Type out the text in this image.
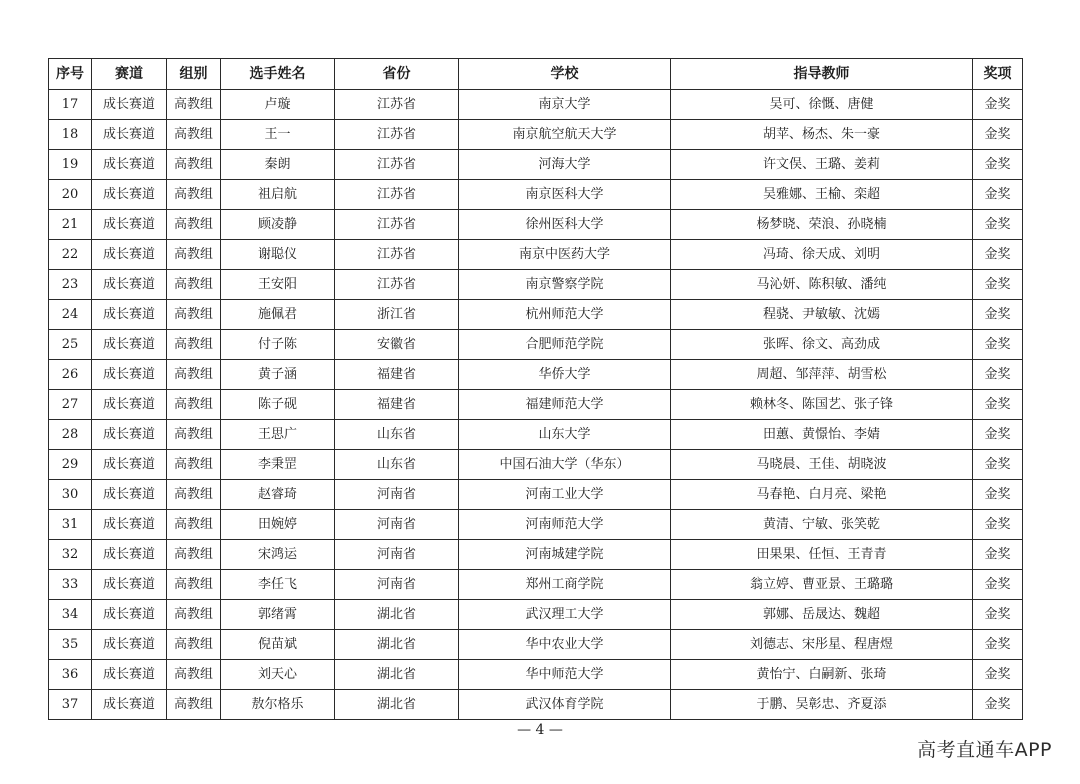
序号	赛道	组别	选手姓名	省份	学校	指导教师	奖项
17	成长赛道	高教组	卢璇	江苏省	南京大学	吴可、徐慨、唐健	金奖
18	成长赛道	高教组	王一	江苏省	南京航空航天大学	胡苹、杨杰、朱一豪	金奖
19	成长赛道	高教组	秦朗	江苏省	河海大学	许文俣、王璐、姜莉	金奖
20	成长赛道	高教组	祖启航	江苏省	南京医科大学	吴雅娜、王榆、栾超	金奖
21	成长赛道	高教组	顾凌静	江苏省	徐州医科大学	杨梦晓、荣浪、孙晓楠	金奖
22	成长赛道	高教组	谢聪仪	江苏省	南京中医药大学	冯琦、徐天成、刘明	金奖
23	成长赛道	高教组	王安阳	江苏省	南京警察学院	马沁妍、陈积敏、潘纯	金奖
24	成长赛道	高教组	施佩君	浙江省	杭州师范大学	程骁、尹敏敏、沈嫣	金奖
25	成长赛道	高教组	付子陈	安徽省	合肥师范学院	张晖、徐文、高劲成	金奖
26	成长赛道	高教组	黄子涵	福建省	华侨大学	周超、邹萍萍、胡雪松	金奖
27	成长赛道	高教组	陈子砚	福建省	福建师范大学	赖林冬、陈国艺、张子锋	金奖
28	成长赛道	高教组	王思广	山东省	山东大学	田蕙、黄憬怡、李婧	金奖
29	成长赛道	高教组	李秉罡	山东省	中国石油大学（华东）	马晓晨、王佳、胡晓波	金奖
30	成长赛道	高教组	赵睿琦	河南省	河南工业大学	马春艳、白月亮、梁艳	金奖
31	成长赛道	高教组	田婉婷	河南省	河南师范大学	黄清、宁敏、张笑乾	金奖
32	成长赛道	高教组	宋鸿运	河南省	河南城建学院	田果果、任恒、王青青	金奖
33	成长赛道	高教组	李任飞	河南省	郑州工商学院	翁立婷、曹亚景、王璐璐	金奖
34	成长赛道	高教组	郭绪霄	湖北省	武汉理工大学	郭娜、岳晟达、魏超	金奖
35	成长赛道	高教组	倪苗斌	湖北省	华中农业大学	刘德志、宋彤星、程唐煜	金奖
36	成长赛道	高教组	刘天心	湖北省	华中师范大学	黄怡宁、白嗣新、张琦	金奖
37	成长赛道	高教组	敖尔格乐	湖北省	武汉体育学院	于鹏、吴彰忠、齐夏添	金奖
— 4 —
高考直通车APP
